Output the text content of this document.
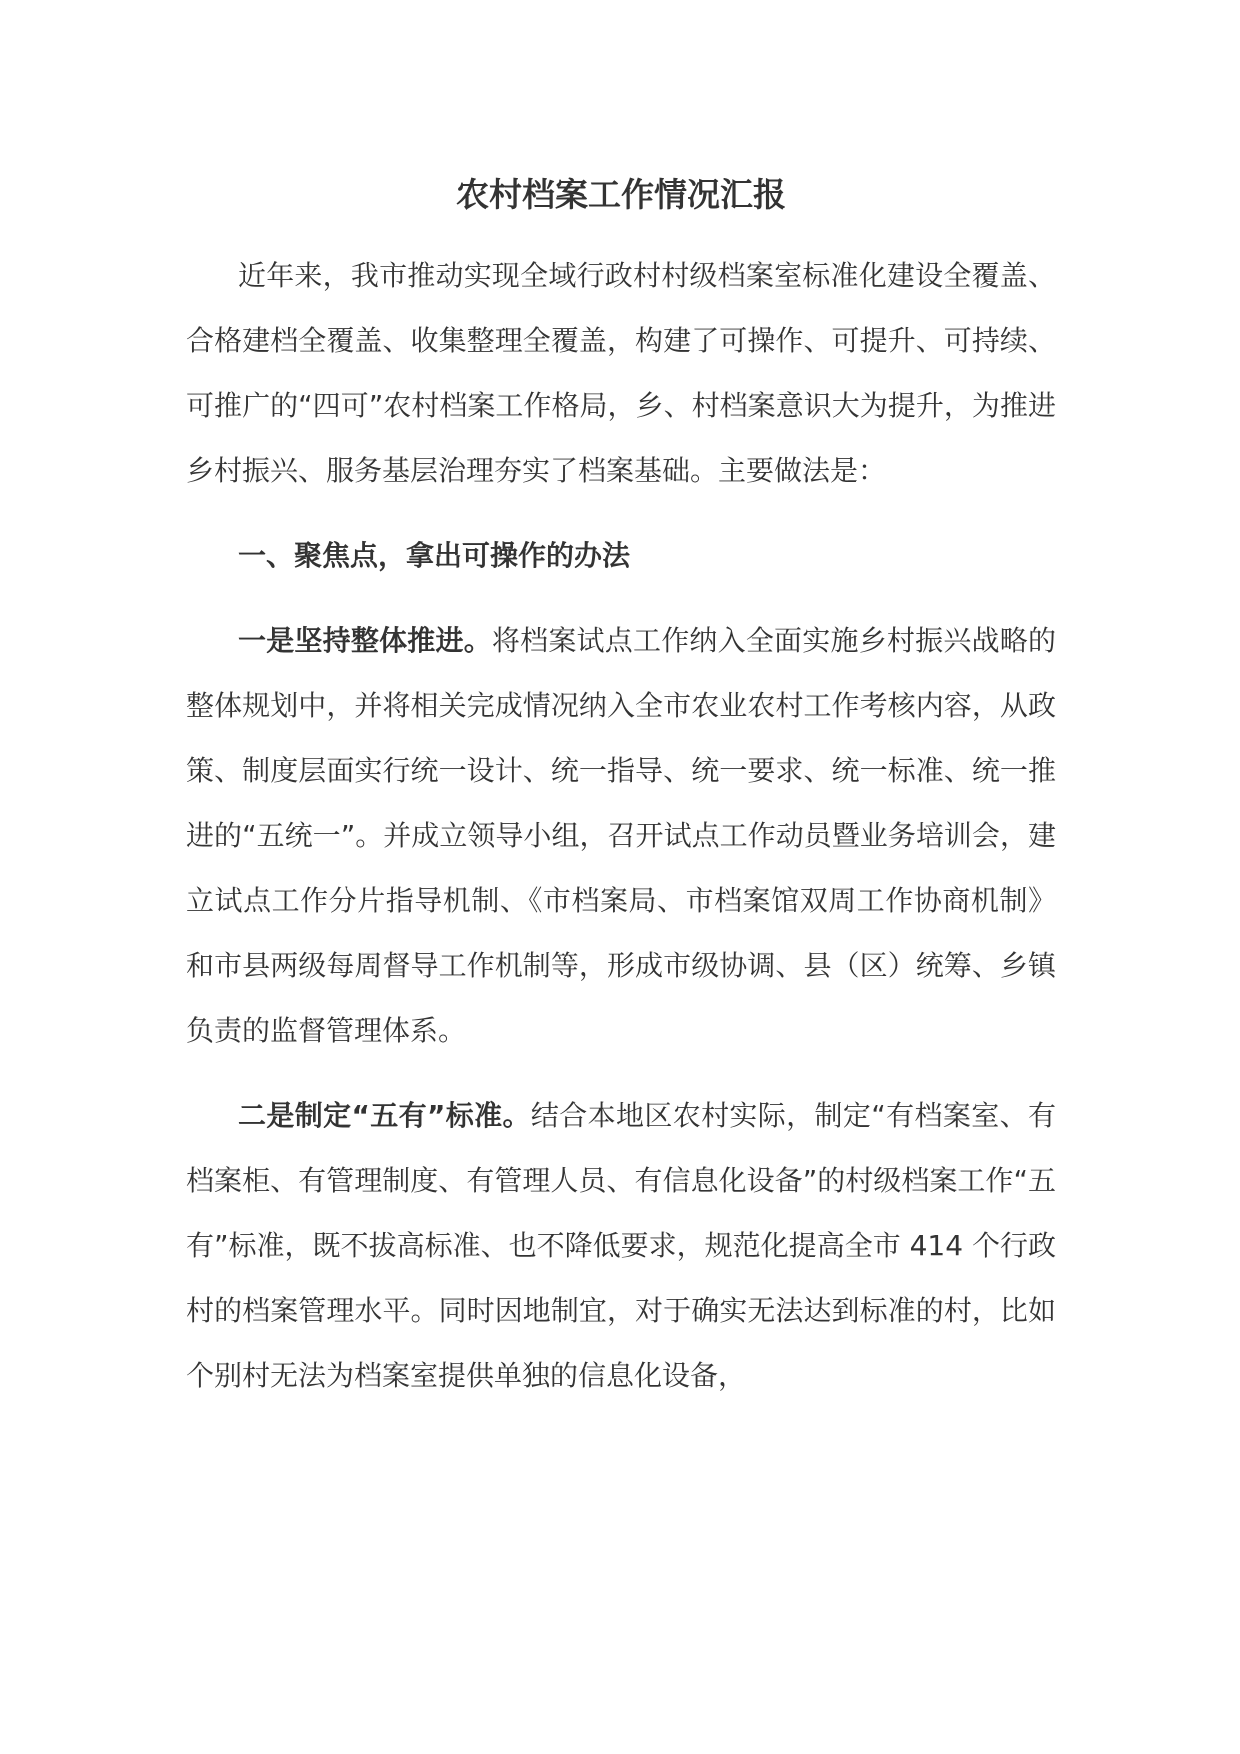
农村档案工作情况汇报

近年来，我市推动实现全域行政村村级档案室标准化建设全覆盖、合格建档全覆盖、收集整理全覆盖，构建了可操作、可提升、可持续、可推广的“四可”农村档案工作格局，乡、村档案意识大为提升，为推进乡村振兴、服务基层治理夯实了档案基础。主要做法是：

一、聚焦点，拿出可操作的办法

一是坚持整体推进。将档案试点工作纳入全面实施乡村振兴战略的整体规划中，并将相关完成情况纳入全市农业农村工作考核内容，从政策、制度层面实行统一设计、统一指导、统一要求、统一标准、统一推进的“五统一”。并成立领导小组，召开试点工作动员暨业务培训会，建立试点工作分片指导机制、《市档案局、市档案馆双周工作协商机制》和市县两级每周督导工作机制等，形成市级协调、县（区）统筹、乡镇负责的监督管理体系。

二是制定“五有”标准。结合本地区农村实际，制定“有档案室、有档案柜、有管理制度、有管理人员、有信息化设备”的村级档案工作“五有”标准，既不拔高标准、也不降低要求，规范化提高全市 414 个行政村的档案管理水平。同时因地制宜，对于确实无法达到标准的村，比如个别村无法为档案室提供单独的信息化设备，
